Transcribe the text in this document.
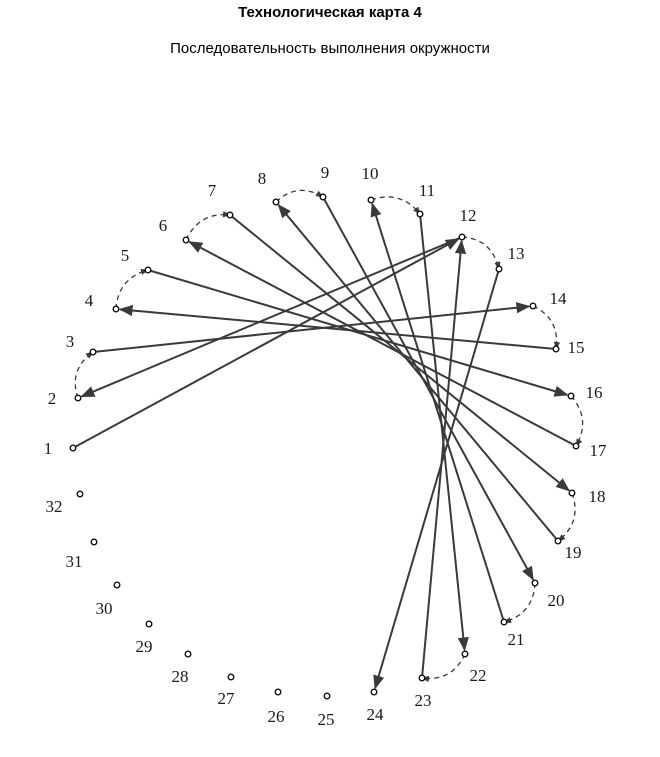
Технологическая карта 4
Последовательность выполнения окружности
1
2
3
4
5
6
7
8	9 10
11
12
13
14
15
16
17
18
19
20
21
22
23
24
25
26
27
28
29
30
31
32
